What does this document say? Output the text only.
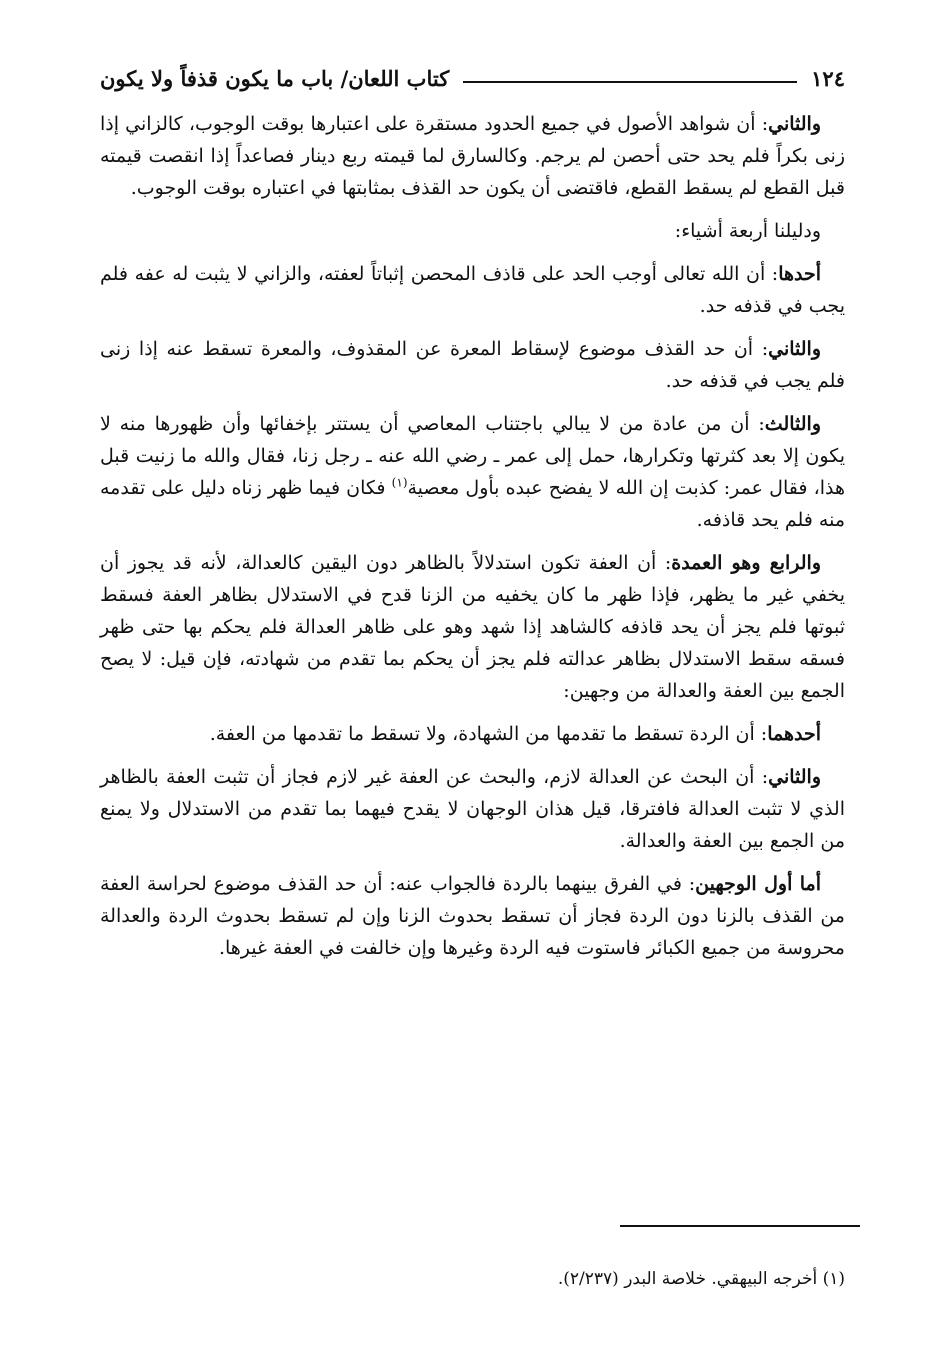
١٢٤
كتاب اللعان/ باب ما يكون قذفاً ولا يكون

والثاني: أن شواهد الأصول في جميع الحدود مستقرة على اعتبارها بوقت الوجوب، كالزاني إذا زنى بكراً فلم يحد حتى أحصن لم يرجم. وكالسارق لما قيمته ربع دينار فصاعداً إذا انقصت قيمته قبل القطع لم يسقط القطع، فاقتضى أن يكون حد القذف بمثابتها في اعتباره بوقت الوجوب.

ودليلنا أربعة أشياء:

أحدها: أن الله تعالى أوجب الحد على قاذف المحصن إثباتاً لعفته، والزاني لا يثبت له عفه فلم يجب في قذفه حد.

والثاني: أن حد القذف موضوع لإسقاط المعرة عن المقذوف، والمعرة تسقط عنه إذا زنى فلم يجب في قذفه حد.

والثالث: أن من عادة من لا يبالي باجتناب المعاصي أن يستتر بإخفائها وأن ظهورها منه لا يكون إلا بعد كثرتها وتكرارها، حمل إلى عمر ـ رضي الله عنه ـ رجل زنا، فقال والله ما زنيت قبل هذا، فقال عمر: كذبت إن الله لا يفضح عبده بأول معصية$^{(١)}$ فكان فيما ظهر زناه دليل على تقدمه منه فلم يحد قاذفه.

والرابع وهو العمدة: أن العفة تكون استدلالاً بالظاهر دون اليقين كالعدالة، لأنه قد يجوز أن يخفي غير ما يظهر، فإذا ظهر ما كان يخفيه من الزنا قدح في الاستدلال بظاهر العفة فسقط ثبوتها فلم يجز أن يحد قاذفه كالشاهد إذا شهد وهو على ظاهر العدالة فلم يحكم بها حتى ظهر فسقه سقط الاستدلال بظاهر عدالته فلم يجز أن يحكم بما تقدم من شهادته، فإن قيل: لا يصح الجمع بين العفة والعدالة من وجهين:

أحدهما: أن الردة تسقط ما تقدمها من الشهادة، ولا تسقط ما تقدمها من العفة.

والثاني: أن البحث عن العدالة لازم، والبحث عن العفة غير لازم فجاز أن تثبت العفة بالظاهر الذي لا تثبت العدالة فافترقا، قيل هذان الوجهان لا يقدح فيهما بما تقدم من الاستدلال ولا يمنع من الجمع بين العفة والعدالة.

أما أول الوجهين: في الفرق بينهما بالردة فالجواب عنه: أن حد القذف موضوع لحراسة العفة من القذف بالزنا دون الردة فجاز أن تسقط بحدوث الزنا وإن لم تسقط بحدوث الردة والعدالة محروسة من جميع الكبائر فاستوت فيه الردة وغيرها وإن خالفت في العفة غيرها.

(١) أخرجه البيهقي. خلاصة البدر (٢/٢٣٧).
